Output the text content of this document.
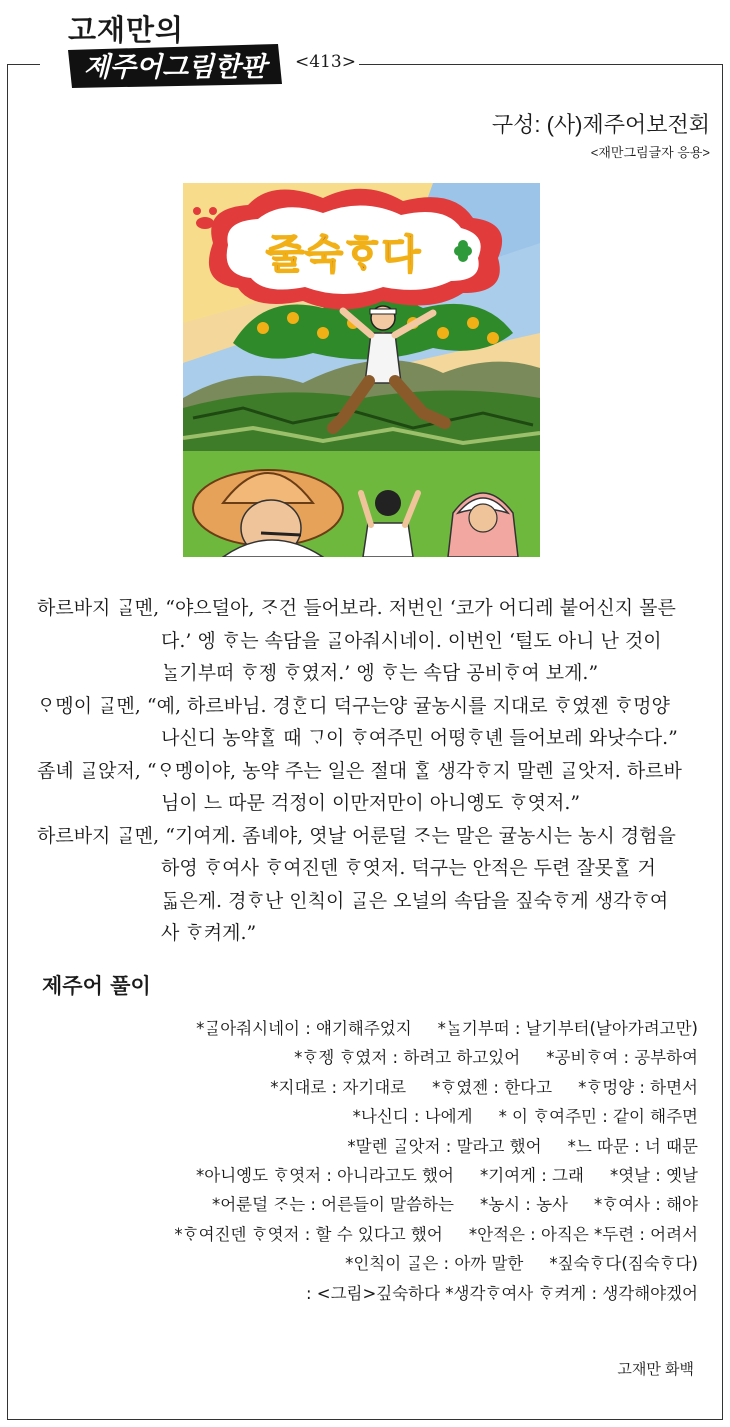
고재만의
제주어그림한판 <413>
구성: (사)제주어보전회
<재만그림글자 응용>
줄숙ᄒᆞ다
하르바지 ᄀᆞᆯ멘, “야으덜아, ᄌᆞ건 들어보라. 저번인 ‘코가 어디레 붙어신지 몰른
다.’ 엥 ᄒᆞ는 속담을 ᄀᆞᆯ아줘시네이. 이번인 ‘털도 아니 난 것이
ᄂᆞᆯ기부떠 ᄒᆞ젱 ᄒᆞ였저.’ 엥 ᄒᆞ는 속담 공비ᄒᆞ여 보게.”
ᄋᆞ멩이 ᄀᆞᆯ멘, “예, 하르바님. 경ᄒᆞᆫ디 덕구는양 귤농시를 지대로 ᄒᆞ였젠 ᄒᆞ멍양
나신디 농약ᄒᆞᆯ 때 ᄀᆞ이 ᄒᆞ여주민 어떵ᄒᆞ녠 들어보레 와낫수다.”
좀녜 ᄀᆞᆯ앉저, “ᄋᆞ멩이야, 농약 주는 일은 절대 ᄒᆞᆯ 생각ᄒᆞ지 말렌 ᄀᆞᆯ앗저. 하르바
님이 느 따문 걱정이 이만저만이 아니옝도 ᄒᆞ엿저.”
하르바지 ᄀᆞᆯ멘, “기여게. 좀녜야, 엿날 어룬덜 ᄌᆞ는 말은 귤농시는 농시 경험을
하영 ᄒᆞ여사 ᄒᆞ여진덴 ᄒᆞ엿저. 덕구는 안적은 두련 잘못ᄒᆞᆯ 거
ᄃᆞᆲ은게. 경ᄒᆞ난 인칙이 ᄀᆞᆯ은 오널의 속담을 짚숙ᄒᆞ게 생각ᄒᆞ여
사 ᄒᆞ켜게.”
제주어 풀이
*ᄀᆞᆯ아줘시네이 : 얘기해주었지 *ᄂᆞᆯ기부떠 : 날기부터(날아가려고만)
*ᄒᆞ젱 ᄒᆞ였저 : 하려고 하고있어 *공비ᄒᆞ여 : 공부하여
*지대로 : 자기대로 *ᄒᆞ였젠 : 한다고 *ᄒᆞ멍양 : 하면서
*나신디 : 나에게 * 이 ᄒᆞ여주민 : 같이 해주면
*말렌 ᄀᆞᆯ앗저 : 말라고 했어 *느 따문 : 너 때문
*아니옝도 ᄒᆞ엿저 : 아니라고도 했어 *기여게 : 그래 *엿날 : 옛날
*어룬덜 ᄌᆞ는 : 어른들이 말씀하는 *농시 : 농사 *ᄒᆞ여사 : 해야
*ᄒᆞ여진덴 ᄒᆞ엿저 : 할 수 있다고 했어 *안적은 : 아직은 *두련 : 어려서
*인칙이 ᄀᆞᆯ은 : 아까 말한 *짚숙ᄒᆞ다(짐숙ᄒᆞ다)
: <그림>깊숙하다 *생각ᄒᆞ여사 ᄒᆞ켜게 : 생각해야겠어
고재만 화백
